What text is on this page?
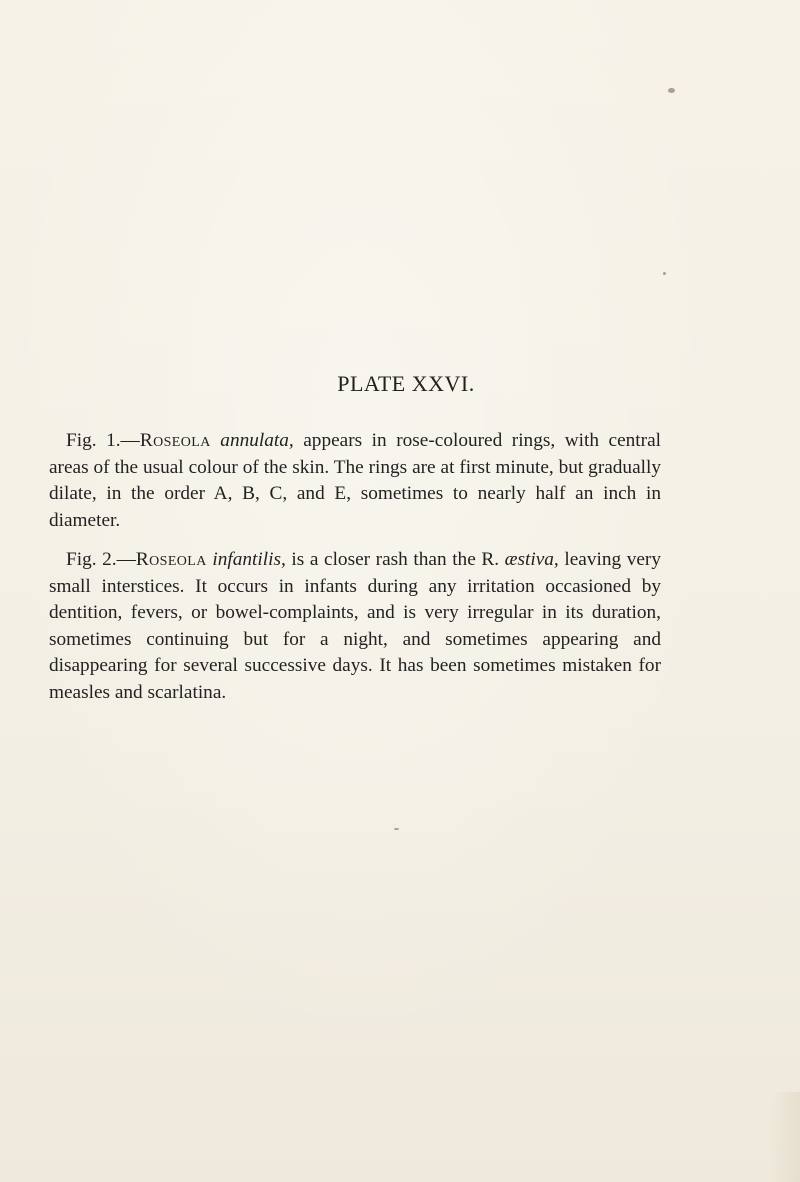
PLATE XXVI.

Fig. 1.—Roseola annulata, appears in rose-coloured rings, with central areas of the usual colour of the skin. The rings are at first minute, but gradually dilate, in the order A, B, C, and E, sometimes to nearly half an inch in diameter.

Fig. 2.—Roseola infantilis, is a closer rash than the R. æstiva, leaving very small interstices. It occurs in infants during any irritation occasioned by dentition, fevers, or bowel-complaints, and is very irregular in its duration, sometimes continuing but for a night, and sometimes appearing and disappearing for several successive days. It has been sometimes mistaken for measles and scarlatina.
